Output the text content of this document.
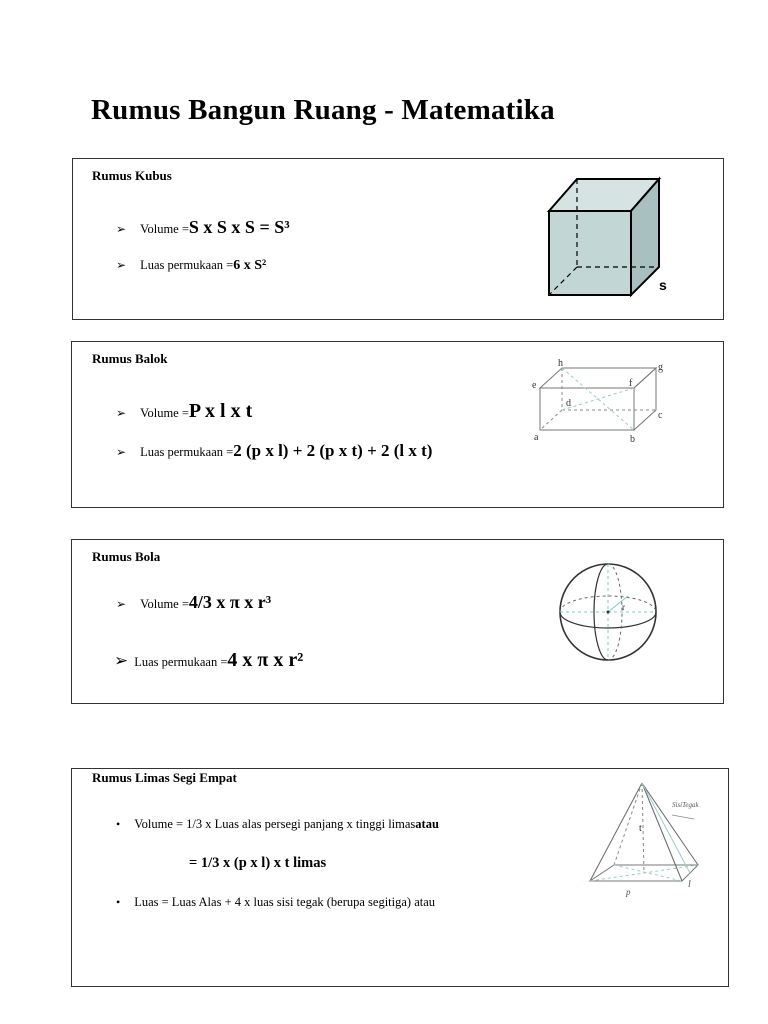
Rumus Bangun Ruang - Matematika
Rumus Kubus
➢ Volume = S x S x S = S³
➢ Luas permukaan = 6 x S²
s
Rumus Balok
➢ Volume = P x l x t
➢ Luas permukaan = 2 (p x l) + 2 (p x t) + 2 (l x t)
a	b
c
d
e	f
g
h
Rumus Bola
➢ Volume = 4/3 x π x r³
➢ Luas permukaan = 4 x π x r²
r
Rumus Limas Segi Empat
• Volume = 1/3 x Luas alas persegi panjang x tinggi limas atau
= 1/3 x (p x l) x t limas
• Luas = Luas Alas + 4 x luas sisi tegak (berupa segitiga) atau
t
p
l
SisiTegak
